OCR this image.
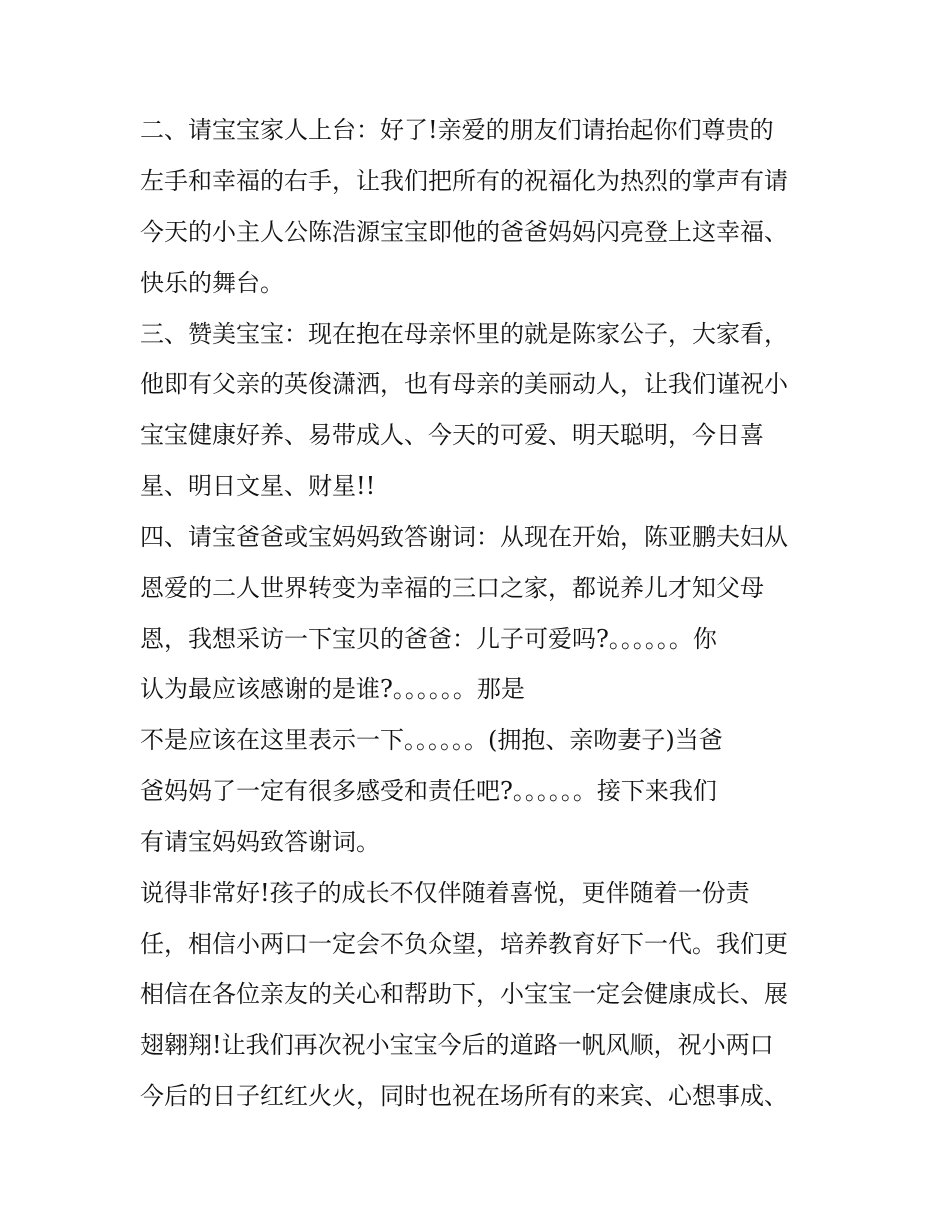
二、请宝宝家人上台：好了!亲爱的朋友们请抬起你们尊贵的
左手和幸福的右手，让我们把所有的祝福化为热烈的掌声有请
今天的小主人公陈浩源宝宝即他的爸爸妈妈闪亮登上这幸福、
快乐的舞台。
三、赞美宝宝：现在抱在母亲怀里的就是陈家公子，大家看，
他即有父亲的英俊潇洒，也有母亲的美丽动人，让我们谨祝小
宝宝健康好养、易带成人、今天的可爱、明天聪明，今日喜
星、明日文星、财星!!
四、请宝爸爸或宝妈妈致答谢词：从现在开始，陈亚鹏夫妇从
恩爱的二人世界转变为幸福的三口之家，都说养儿才知父母
恩，我想采访一下宝贝的爸爸：儿子可爱吗?。。。。。。你
认为最应该感谢的是谁?。。。。。。那是
不是应该在这里表示一下。。。。。。(拥抱、亲吻妻子)当爸
爸妈妈了一定有很多感受和责任吧?。。。。。。接下来我们
有请宝妈妈致答谢词。
说得非常好!孩子的成长不仅伴随着喜悦，更伴随着一份责
任，相信小两口一定会不负众望，培养教育好下一代。我们更
相信在各位亲友的关心和帮助下，小宝宝一定会健康成长、展
翅翱翔!让我们再次祝小宝宝今后的道路一帆风顺，祝小两口
今后的日子红红火火，同时也祝在场所有的来宾、心想事成、
